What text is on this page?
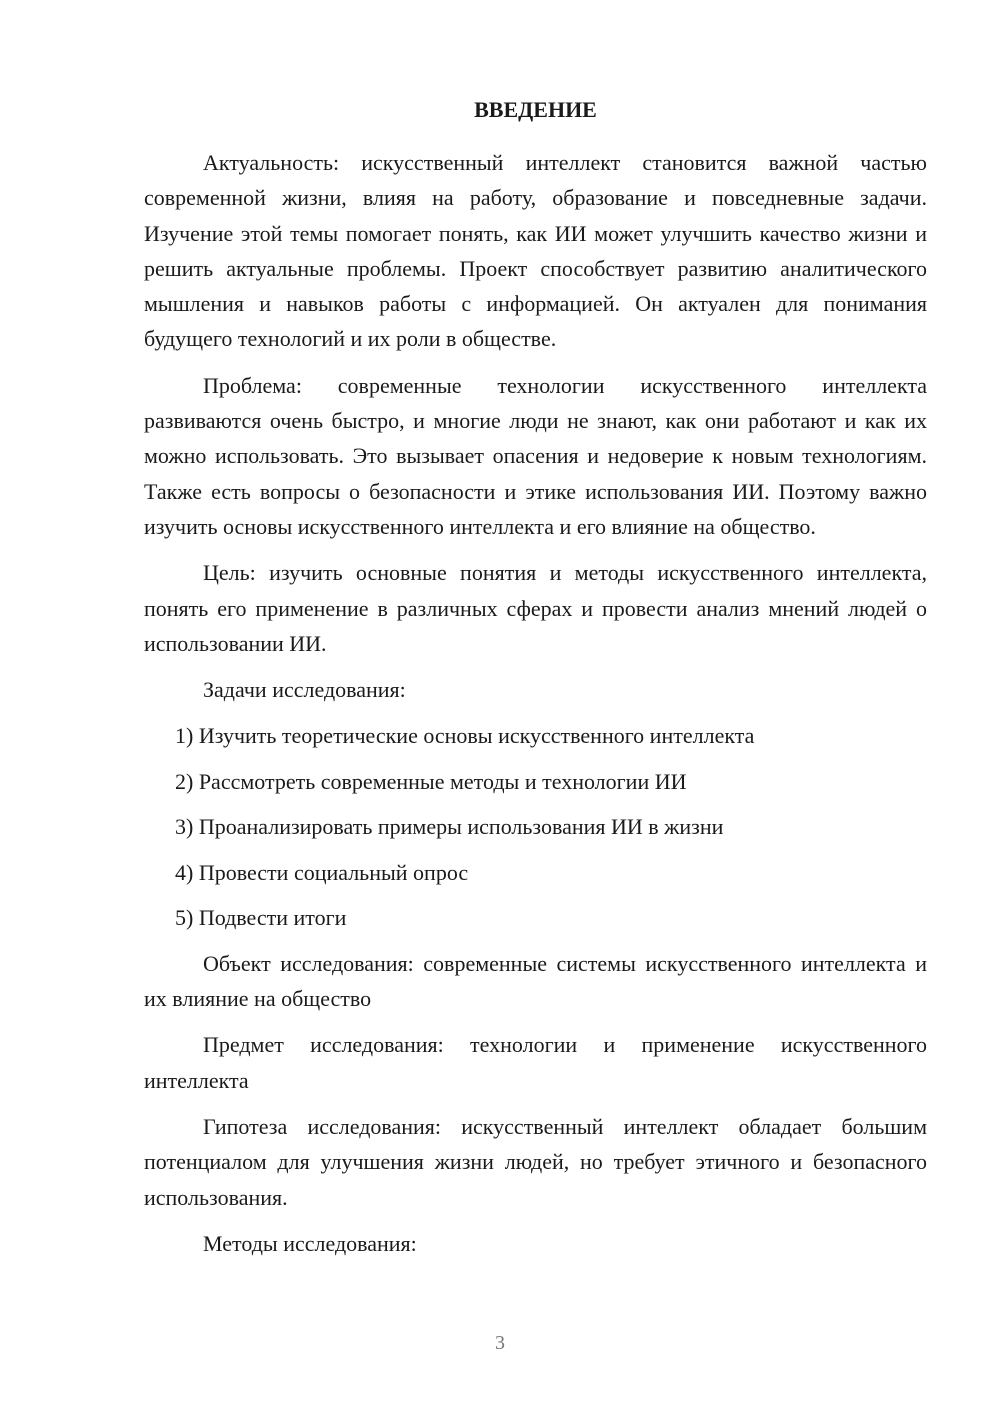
ВВЕДЕНИЕ

Актуальность: искусственный интеллект становится важной частью современной жизни, влияя на работу, образование и повседневные задачи. Изучение этой темы помогает понять, как ИИ может улучшить качество жизни и решить актуальные проблемы. Проект способствует развитию аналитического мышления и навыков работы с информацией. Он актуален для понимания будущего технологий и их роли в обществе.

Проблема: современные технологии искусственного интеллекта развиваются очень быстро, и многие люди не знают, как они работают и как их можно использовать. Это вызывает опасения и недоверие к новым технологиям. Также есть вопросы о безопасности и этике использования ИИ. Поэтому важно изучить основы искусственного интеллекта и его влияние на общество.

Цель: изучить основные понятия и методы искусственного интеллекта, понять его применение в различных сферах и провести анализ мнений людей о использовании ИИ.

Задачи исследования:

1) Изучить теоретические основы искусственного интеллекта
2) Рассмотреть современные методы и технологии ИИ
3) Проанализировать примеры использования ИИ в жизни
4) Провести социальный опрос
5) Подвести итоги

Объект исследования: современные системы искусственного интеллекта и их влияние на общество

Предмет исследования: технологии и применение искусственного интеллекта

Гипотеза исследования: искусственный интеллект обладает большим потенциалом для улучшения жизни людей, но требует этичного и безопасного использования.

Методы исследования:

3
